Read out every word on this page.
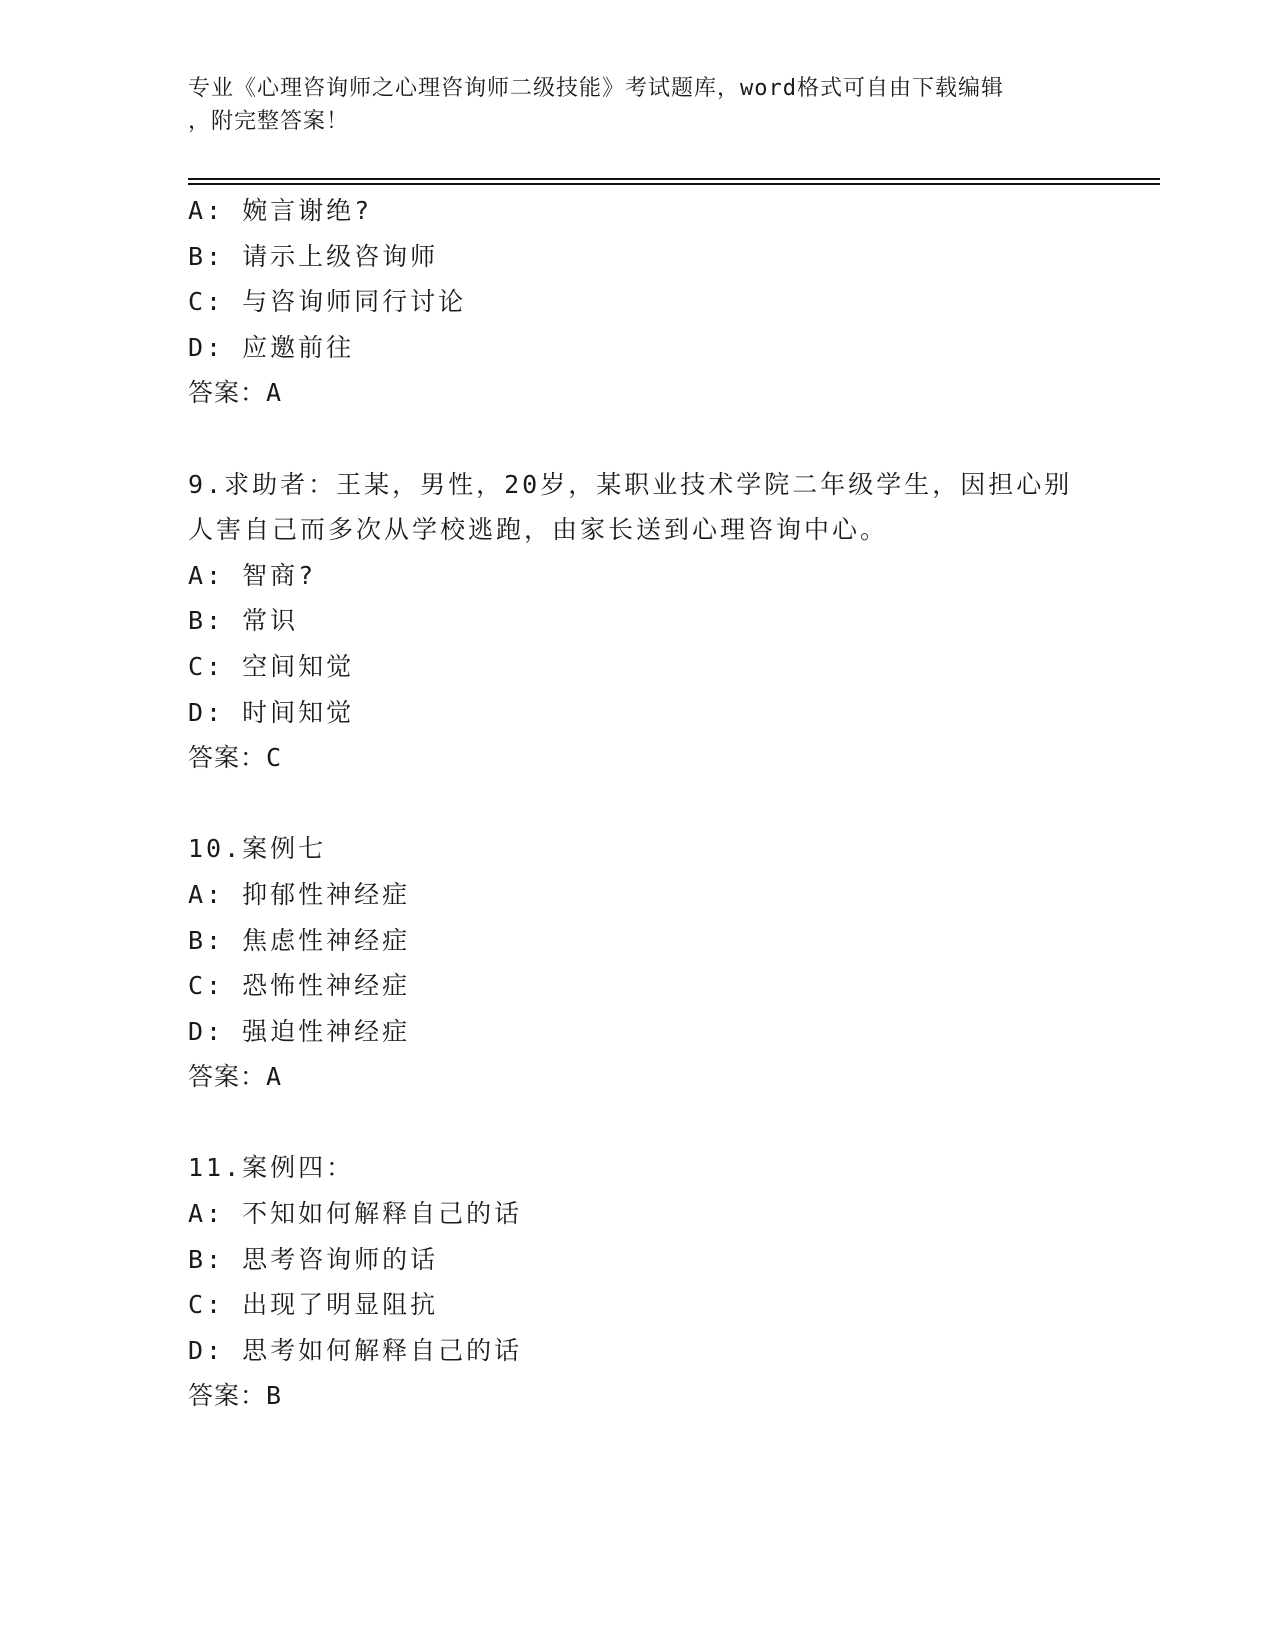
专业《心理咨询师之心理咨询师二级技能》考试题库，word格式可自由下载编辑
，附完整答案！
A: 婉言谢绝?
B: 请示上级咨询师
C: 与咨询师同行讨论
D: 应邀前往
答案：A
9.求助者：王某，男性，20岁，某职业技术学院二年级学生，因担心别人害自己而多次从学校逃跑，由家长送到心理咨询中心。
A: 智商?
B: 常识
C: 空间知觉
D: 时间知觉
答案：C
10.案例七
A: 抑郁性神经症
B: 焦虑性神经症
C: 恐怖性神经症
D: 强迫性神经症
答案：A
11.案例四：
A: 不知如何解释自己的话
B: 思考咨询师的话
C: 出现了明显阻抗
D: 思考如何解释自己的话
答案：B
